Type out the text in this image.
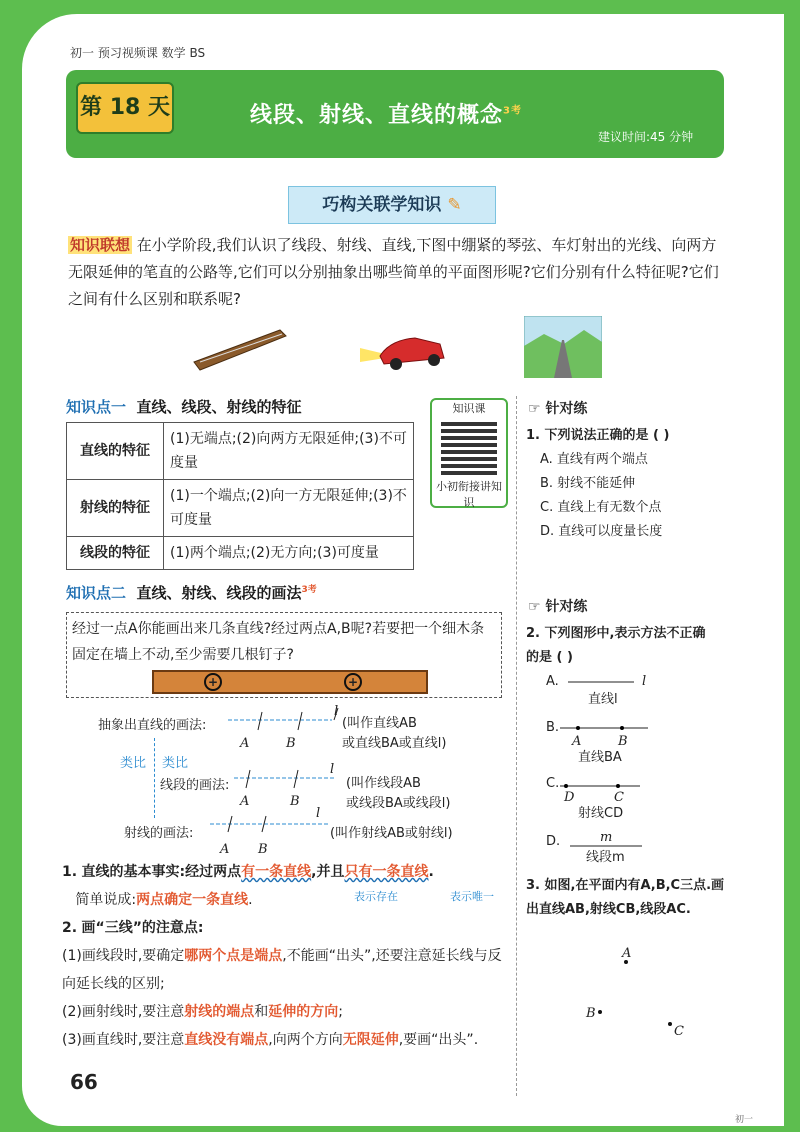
初一 预习视频课 数学 BS
第 18 天	线段、射线、直线的概念$^{3考}$
建议时间:45 分钟
巧构关联学知识 ✎
知识联想 在小学阶段,我们认识了线段、射线、直线,下图中绷紧的琴弦、车灯射出的光线、向两方无限延伸的笔直的公路等,它们可以分别抽象出哪些简单的平面图形呢?它们分别有什么特征呢?它们之间有什么区别和联系呢?
知识点一 直线、线段、射线的特征
直线的特征	(1)无端点;(2)向两方无限延伸;(3)不可度量
射线的特征	(1)一个端点;(2)向一方无限延伸;(3)不可度量
线段的特征	(1)两个端点;(2)无方向;(3)可度量
知识课
小初衔接讲知识
知识点二 直线、射线、线段的画法$^{3考}$
经过一点A你能画出来几条直线?经过两点A,B呢?若要把一个细木条固定在墙上不动,至少需要几根钉子?
+	+
抽象出直线的画法:
A	B
l
(叫作直线AB
或直线BA或直线l)
类比 类比
线段的画法:
A	B
l
(叫作线段AB
或线段BA或线段l)
射线的画法:
A B
l
(叫作射线AB或射线l)
1. 直线的基本事实:经过两点有一条直线,并且只有一条直线.
简单说成:两点确定一条直线.	表示存在	表示唯一
2. 画“三线”的注意点:
(1)画线段时,要确定哪两个点是端点,不能画“出头”,还要注意延长线与反向延长线的区别;
(2)画射线时,要注意射线的端点和延伸的方向;
(3)画直线时,要注意直线没有端点,向两个方向无限延伸,要画“出头”.
☞ 针对练
1. 下列说法正确的是 ( )
A. 直线有两个端点
B. 射线不能延伸
C. 直线上有无数个点
D. 直线可以度量长度
☞ 针对练
2. 下列图形中,表示方法不正确
的是 ( )
A.	l
直线l
B.
A	B
直线BA
C.
D	C
射线CD
D.	m
线段m
3. 如图,在平面内有A,B,C三点.画出直线AB,射线CB,线段AC.
A
B
C
66
初一
